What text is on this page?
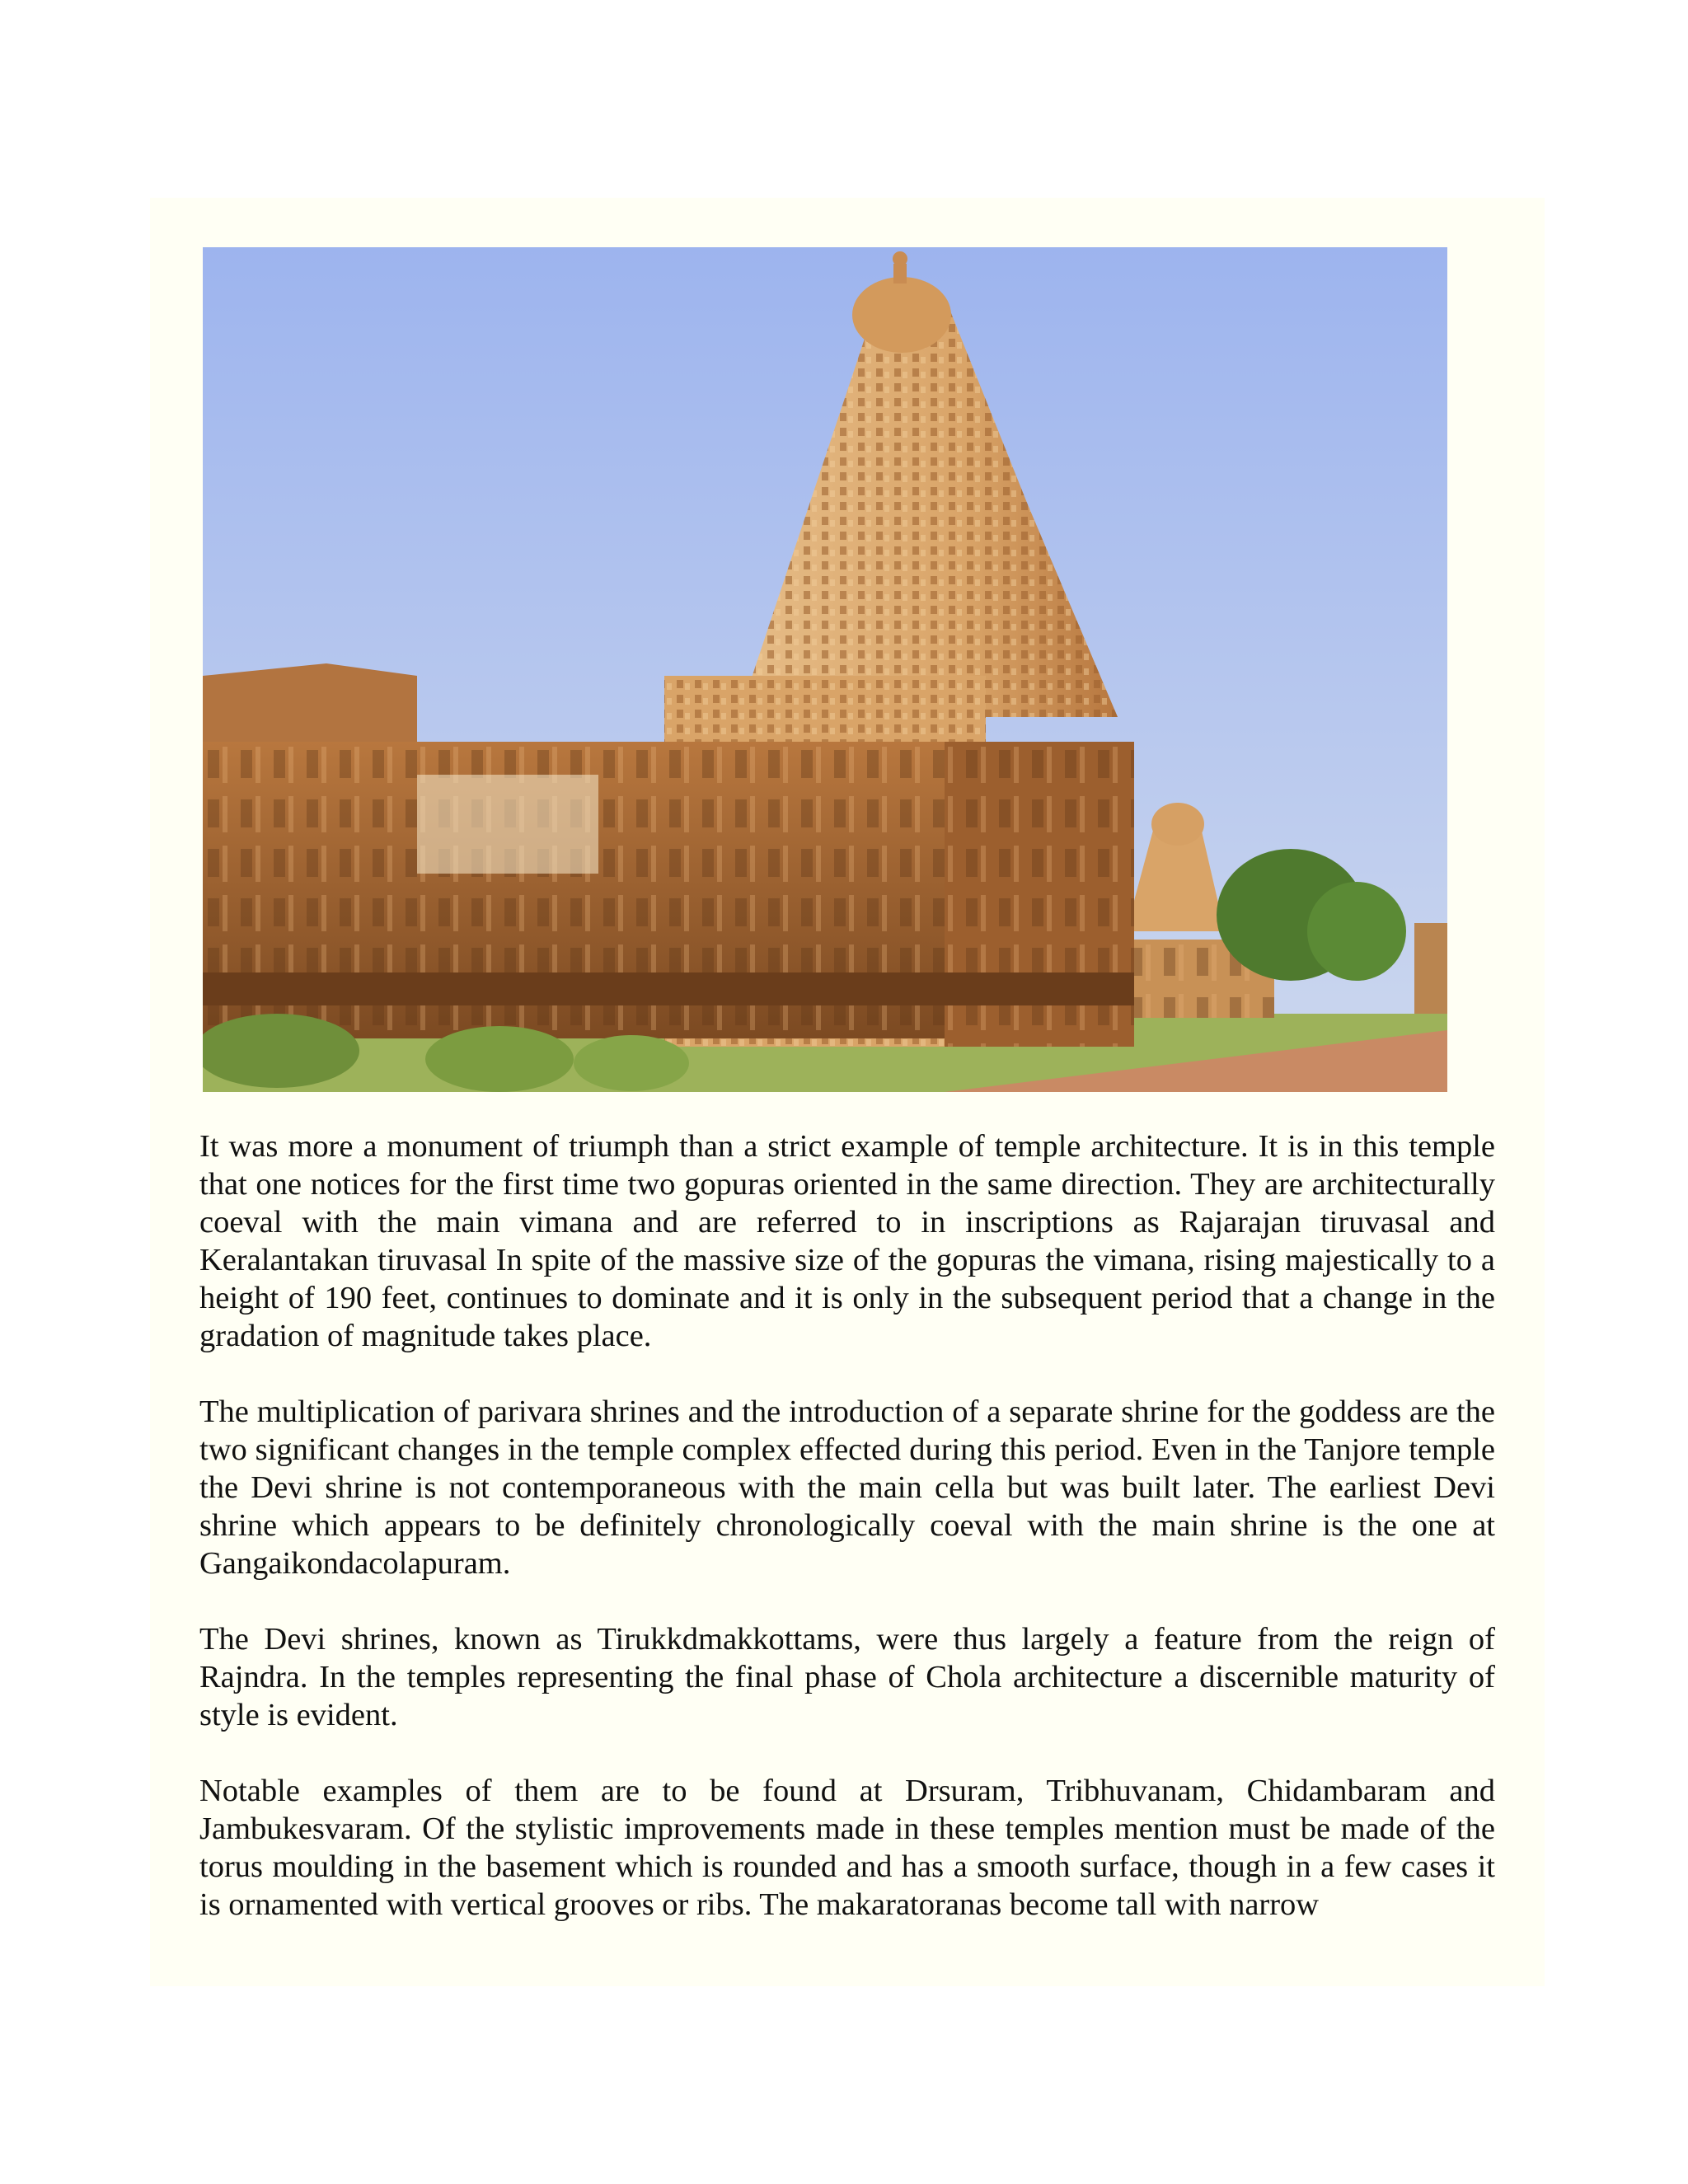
It was more a monument of triumph than a strict example of temple architecture. It is in this temple that one notices for the first time two gopuras oriented in the same direction. They are architecturally coeval with the main vimana and are referred to in inscriptions as Rajarajan tiruvasal and Keralantakan tiruvasal In spite of the massive size of the gopuras the vimana, rising majestically to a height of 190 feet, continues to dominate and it is only in the subsequent period that a change in the gradation of magnitude takes place.

The multiplication of parivara shrines and the introduction of a separate shrine for the goddess are the two significant changes in the temple complex effected during this period. Even in the Tanjore temple the Devi shrine is not contemporaneous with the main cella but was built later. The earliest Devi shrine which appears to be definitely chronologically coeval with the main shrine is the one at Gangaikondacolapuram.

The Devi shrines, known as Tirukkdmakkottams, were thus largely a feature from the reign of Rajndra. In the temples representing the final phase of Chola architecture a discernible maturity of style is evident.

Notable examples of them are to be found at Drsuram, Tribhuvanam, Chidambaram and Jambukesvaram. Of the stylistic improvements made in these temples mention must be made of the torus moulding in the basement which is rounded and has a smooth surface, though in a few cases it is ornamented with vertical grooves or ribs. The makaratoranas become tall with narrow
